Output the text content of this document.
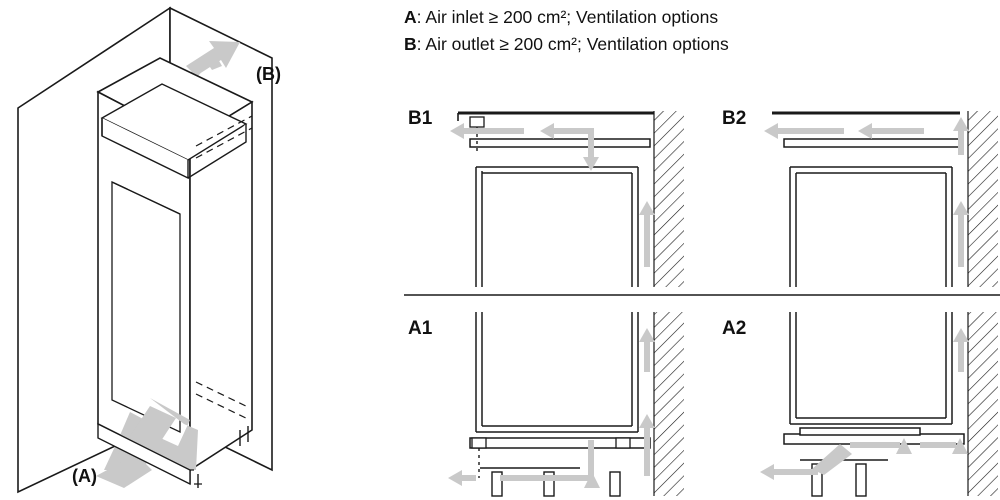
A: Air inlet ≥ 200 cm²; Ventilation options
B: Air outlet ≥ 200 cm²; Ventilation options
(B)
(A)
B1	B2
A1	A2
